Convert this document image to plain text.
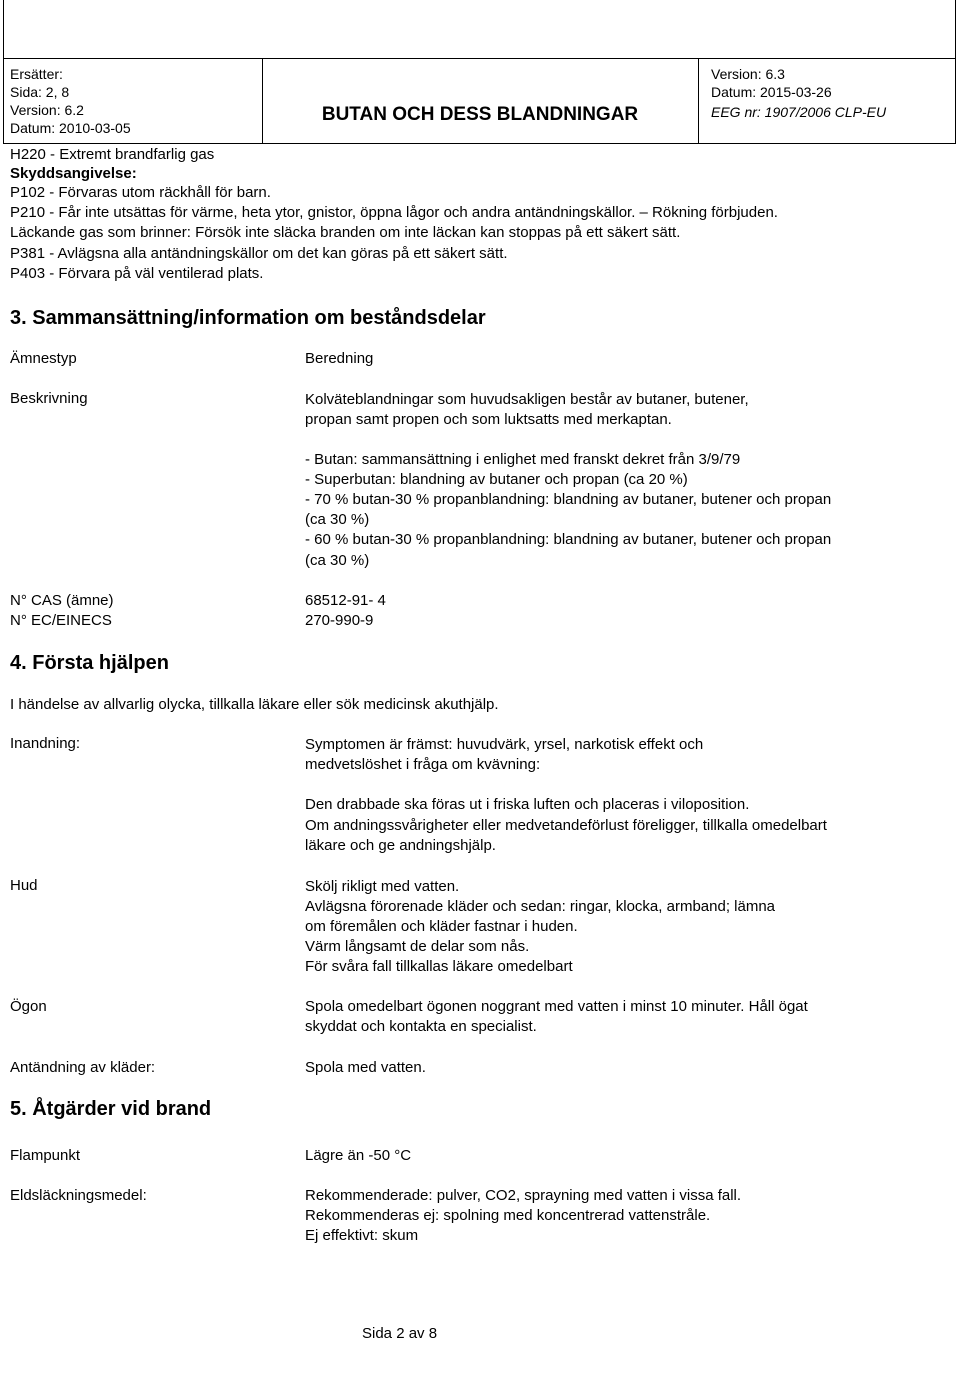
Ersätter:
Sida: 2, 8
Version: 6.2
Datum: 2010-03-05
BUTAN OCH DESS BLANDNINGAR
Version: 6.3
Datum: 2015-03-26
EEG nr: 1907/2006 CLP-EU
H220 - Extremt brandfarlig gas
Skyddsangivelse:
P102 - Förvaras utom räckhåll för barn.
P210 - Får inte utsättas för värme, heta ytor, gnistor, öppna lågor och andra antändningskällor. – Rökning förbjuden.
Läckande gas som brinner: Försök inte släcka branden om inte läckan kan stoppas på ett säkert sätt.
P381 - Avlägsna alla antändningskällor om det kan göras på ett säkert sätt.
P403 - Förvara på väl ventilerad plats.
3. Sammansättning/information om beståndsdelar
Ämnestyp	Beredning
Beskrivning	Kolväteblandningar som huvudsakligen består av butaner, butener,
propan samt propen och som luktsatts med merkaptan.
- Butan: sammansättning i enlighet med franskt dekret från 3/9/79
- Superbutan: blandning av butaner och propan (ca 20 %)
- 70 % butan-30 % propanblandning: blandning av butaner, butener och propan
(ca 30 %)
- 60 % butan-30 % propanblandning: blandning av butaner, butener och propan
(ca 30 %)
N° CAS (ämne)	68512-91- 4
N° EC/EINECS	270-990-9
4. Första hjälpen
I händelse av allvarlig olycka, tillkalla läkare eller sök medicinsk akuthjälp.
Inandning:	Symptomen är främst: huvudvärk, yrsel, narkotisk effekt och
medvetslöshet i fråga om kvävning:
Den drabbade ska föras ut i friska luften och placeras i viloposition.
Om andningssvårigheter eller medvetandeförlust föreligger, tillkalla omedelbart
läkare och ge andningshjälp.
Hud	Skölj rikligt med vatten.
Avlägsna förorenade kläder och sedan: ringar, klocka, armband; lämna
om föremålen och kläder fastnar i huden.
Värm långsamt de delar som nås.
För svåra fall tillkallas läkare omedelbart
Ögon	Spola omedelbart ögonen noggrant med vatten i minst 10 minuter. Håll ögat
skyddat och kontakta en specialist.
Antändning av kläder:	Spola med vatten.
5. Åtgärder vid brand
Flampunkt	Lägre än -50 °C
Eldsläckningsmedel:	Rekommenderade: pulver, CO2, sprayning med vatten i vissa fall.
Rekommenderas ej: spolning med koncentrerad vattenstråle.
Ej effektivt: skum
Sida 2 av 8
